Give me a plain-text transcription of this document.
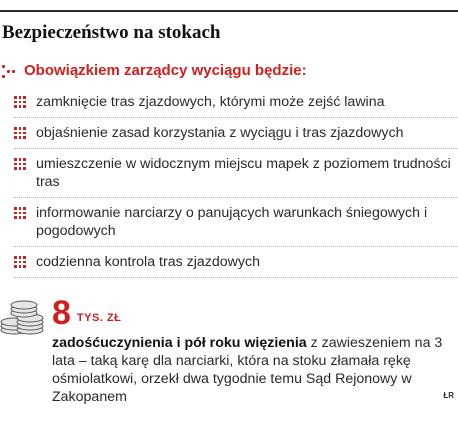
Bezpieczeństwo na stokach
Obowiązkiem zarządcy wyciągu będzie:
zamknięcie tras zjazdowych, którymi może zejść lawina
objaśnienie zasad korzystania z wyciągu i tras zjazdowych
umieszczenie w widocznym miejscu mapek z poziomem trudności tras
informowanie narciarzy o panujących warunkach śniegowych i pogodowych
codzienna kontrola tras zjazdowych
8 TYS. ZŁ
zadośćuczynienia i pół roku więzienia z zawieszeniem na 3 lata – taką karę dla narciarki, która na stoku złamała rękę ośmiolatkowi, orzekł dwa tygodnie temu Sąd Rejonowy w Zakopanem	ŁR
